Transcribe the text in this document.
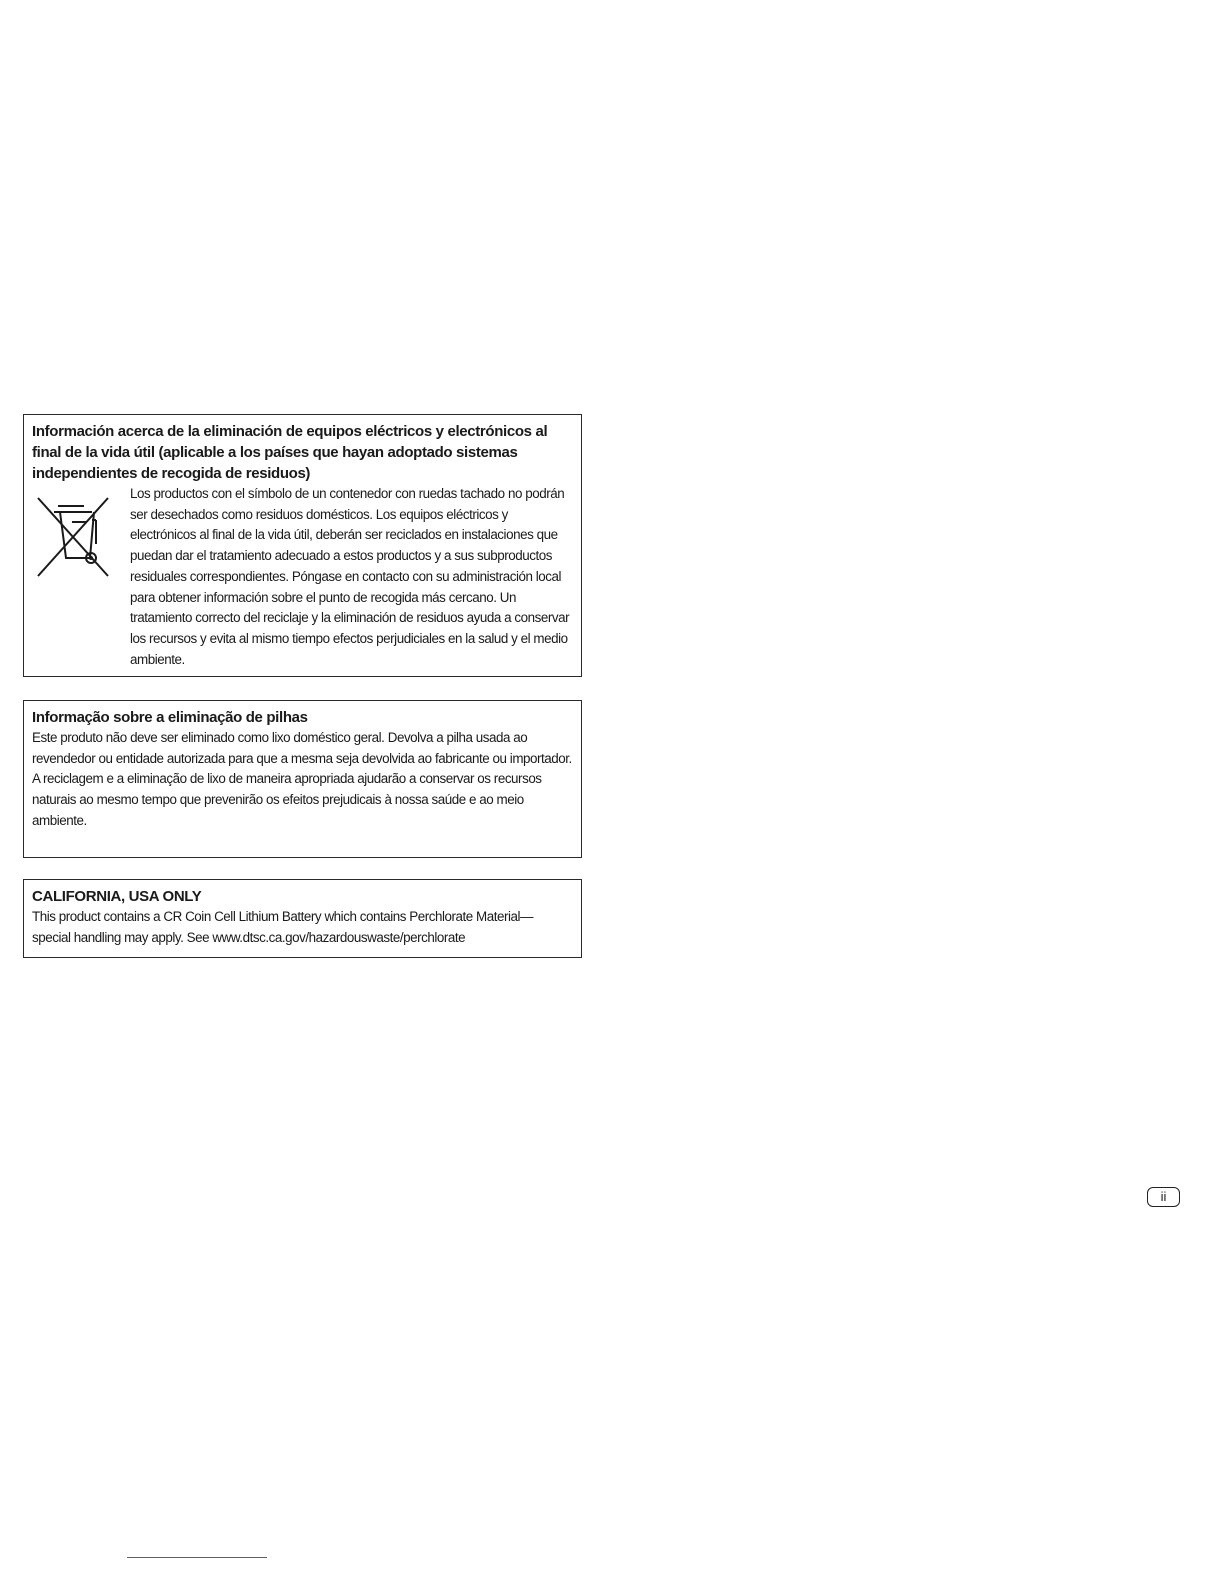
Información acerca de la eliminación de equipos eléctricos y electrónicos al final de la vida útil (aplicable a los países que hayan adoptado sistemas independientes de recogida de residuos)

Los productos con el símbolo de un contenedor con ruedas tachado no podrán ser desechados como residuos domésticos. Los equipos eléctricos y electrónicos al final de la vida útil, deberán ser reciclados en instalaciones que puedan dar el tratamiento adecuado a estos productos y a sus subproductos residuales correspondientes. Póngase en contacto con su administración local para obtener información sobre el punto de recogida más cercano. Un tratamiento correcto del reciclaje y la eliminación de residuos ayuda a conservar los recursos y evita al mismo tiempo efectos perjudiciales en la salud y el medio ambiente.

Informação sobre a eliminação de pilhas

Este produto não deve ser eliminado como lixo doméstico geral. Devolva a pilha usada ao revendedor ou entidade autorizada para que a mesma seja devolvida ao fabricante ou importador.

A reciclagem e a eliminação de lixo de maneira apropriada ajudarão a conservar os recursos naturais ao mesmo tempo que prevenirão os efeitos prejudicais à nossa saúde e ao meio ambiente.

CALIFORNIA, USA ONLY

This product contains a CR Coin Cell Lithium Battery which contains Perchlorate Material— special handling may apply. See www.dtsc.ca.gov/hazardouswaste/perchlorate

ii
